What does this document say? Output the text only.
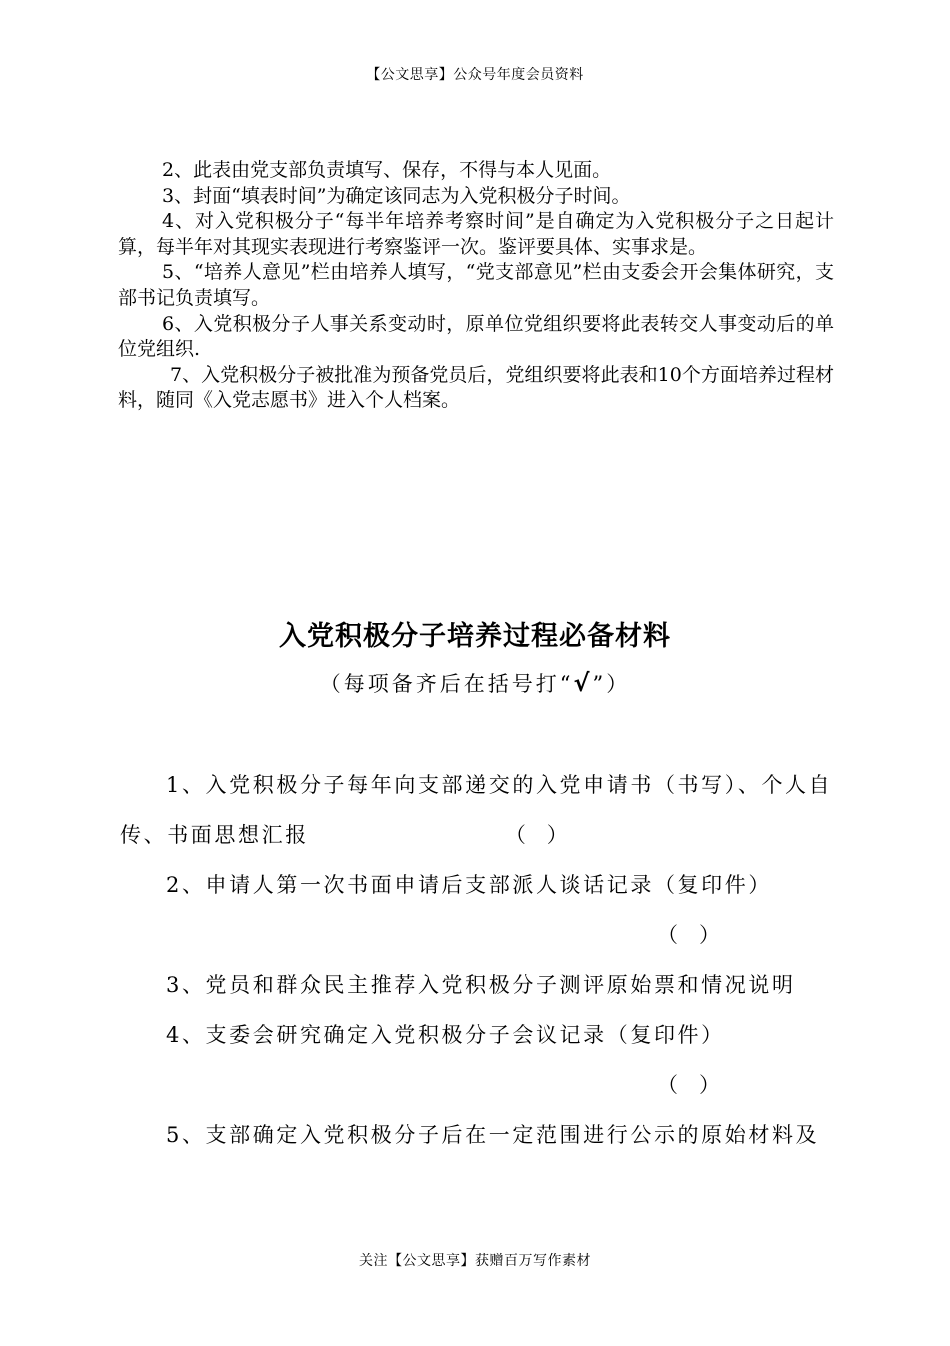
【公文思享】公众号年度会员资料

2、此表由党支部负责填写、保存，不得与本人见面。

3、封面“填表时间”为确定该同志为入党积极分子时间。

4、对入党积极分子“每半年培养考察时间”是自确定为入党积极分子之日起计算，每半年对其现实表现进行考察鉴评一次。鉴评要具体、实事求是。

5、“培养人意见”栏由培养人填写，“党支部意见”栏由支委会开会集体研究，支部书记负责填写。

6、入党积极分子人事关系变动时，原单位党组织要将此表转交人事变动后的单位党组织.

7、入党积极分子被批准为预备党员后，党组织要将此表和10个方面培养过程材料，随同《入党志愿书》进入个人档案。

入党积极分子培养过程必备材料
（每项备齐后在括号打“√”）

1、入党积极分子每年向支部递交的入党申请书（书写）、个人自传、书面思想汇报	（　）

2、申请人第一次书面申请后支部派人谈话记录（复印件）

（　）

3、党员和群众民主推荐入党积极分子测评原始票和情况说明

4、支委会研究确定入党积极分子会议记录（复印件）

（　）

5、支部确定入党积极分子后在一定范围进行公示的原始材料及

关注【公文思享】获赠百万写作素材
